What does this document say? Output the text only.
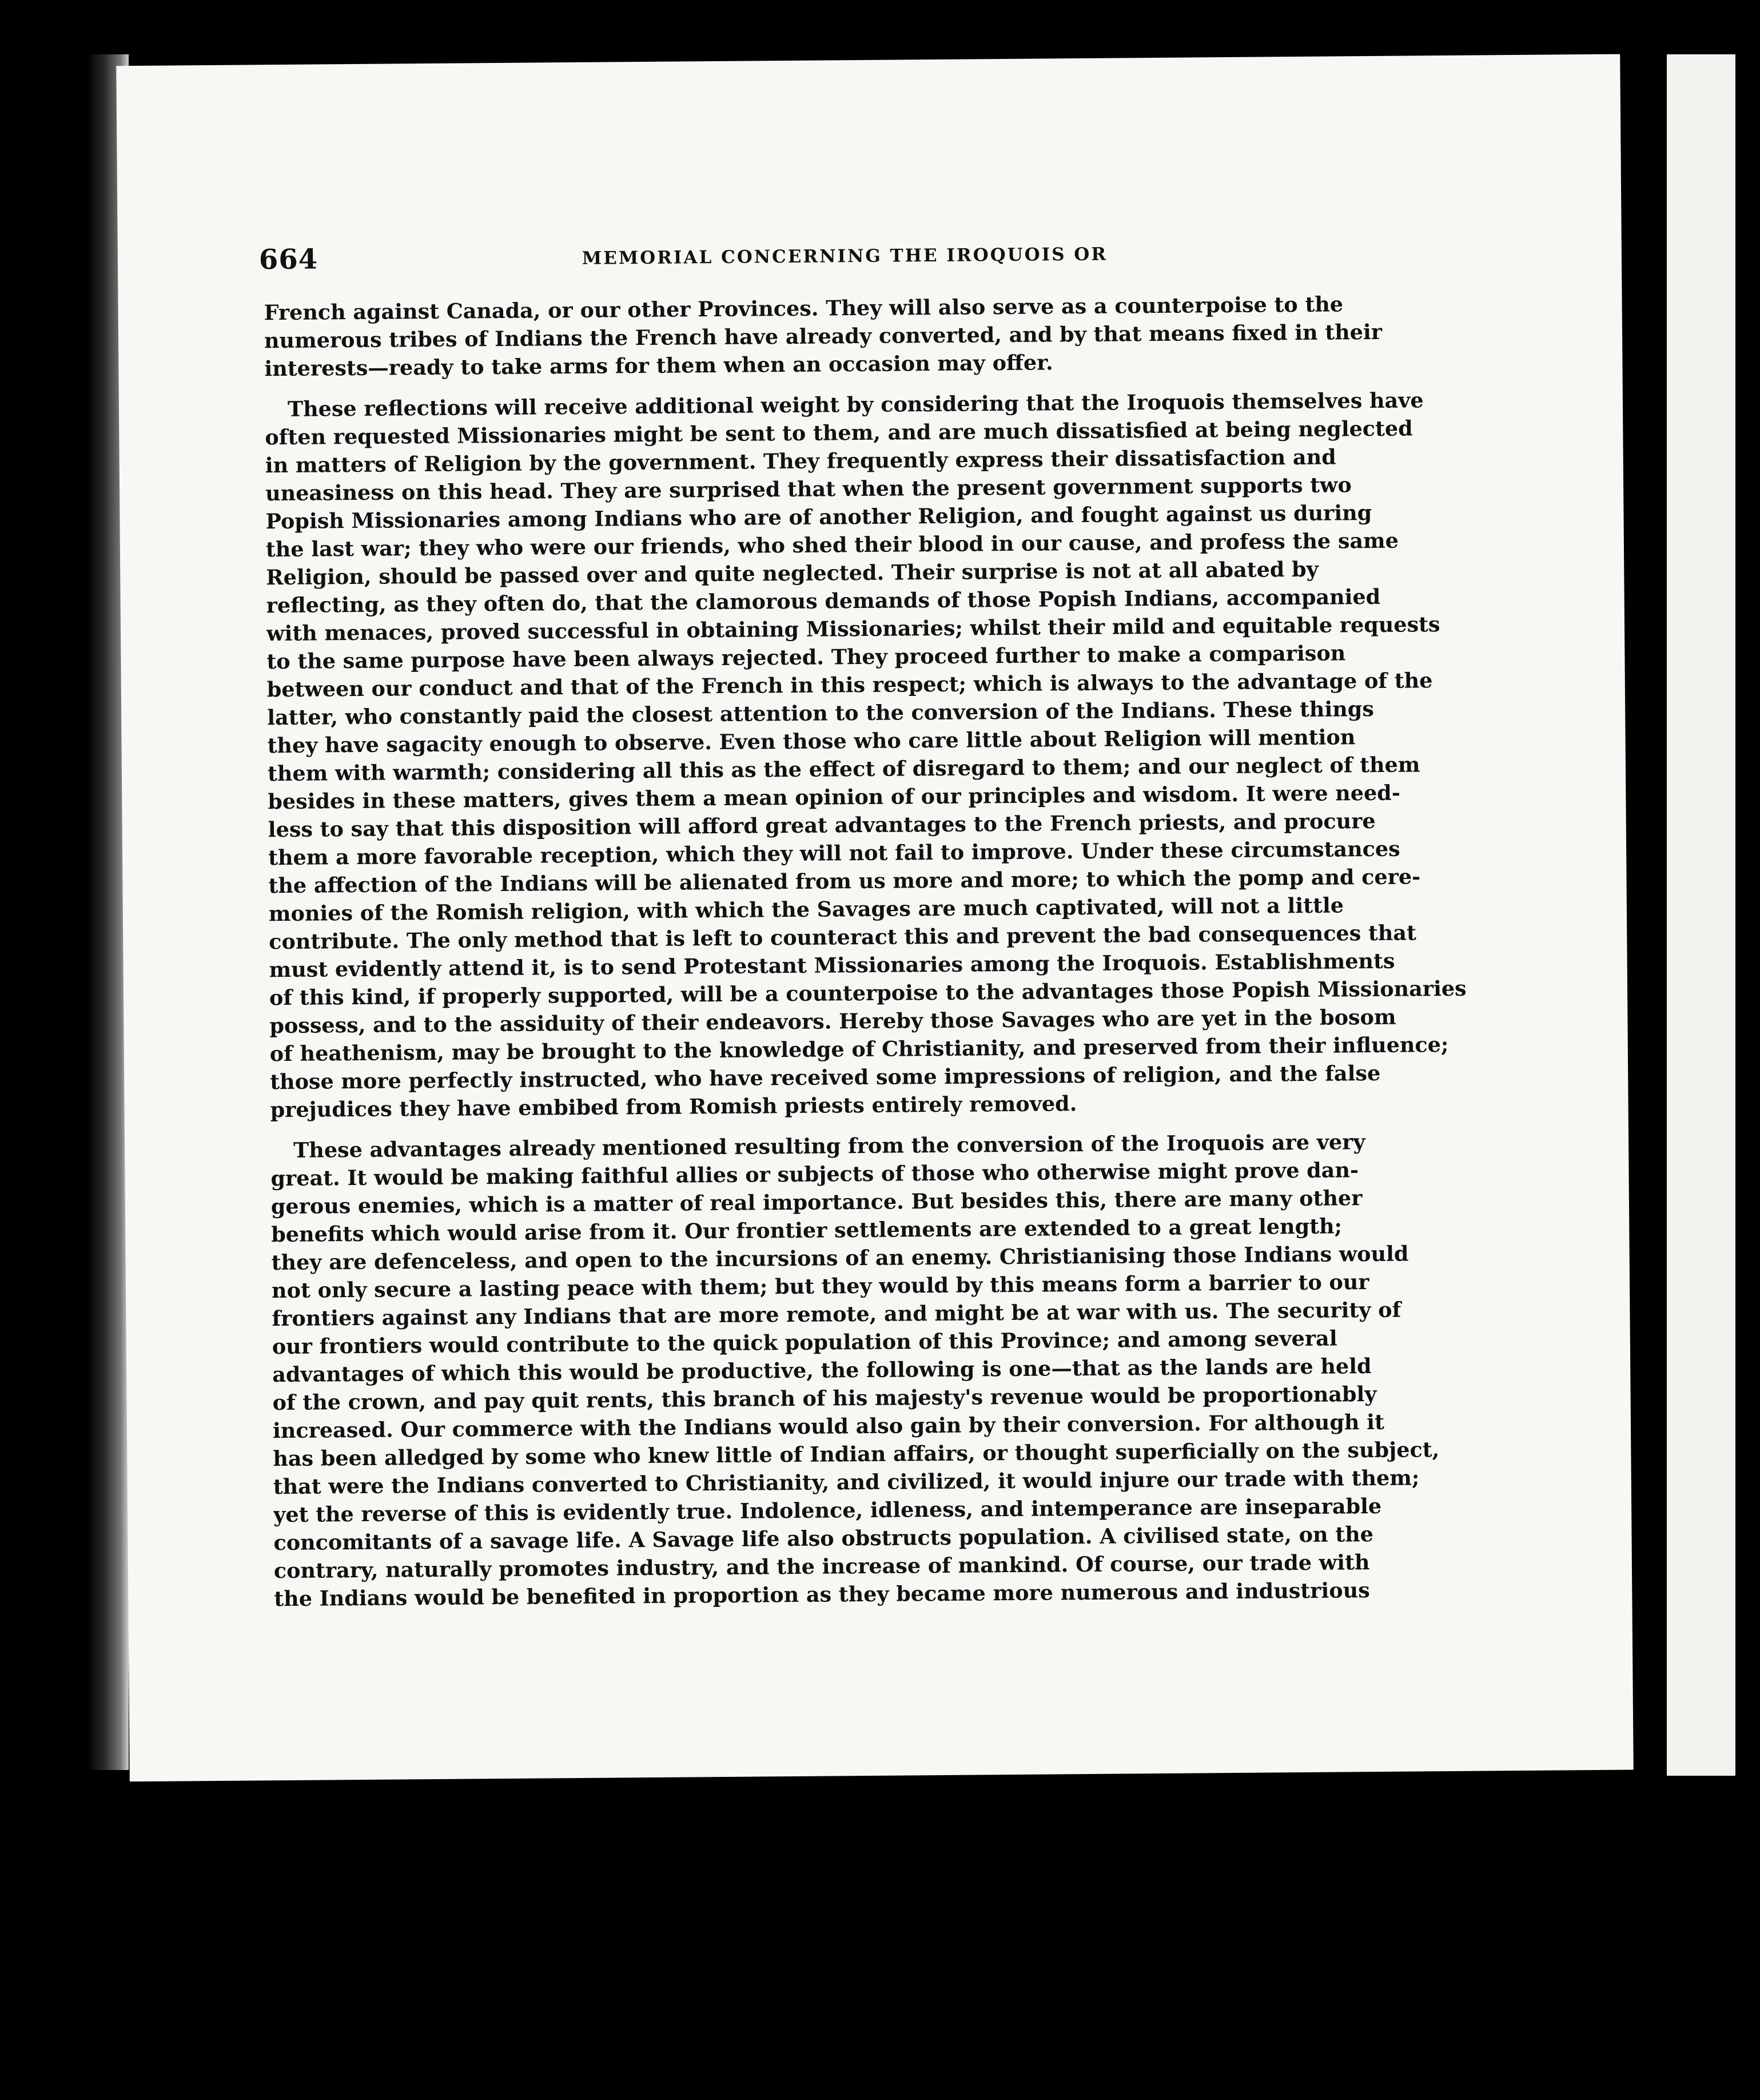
664	MEMORIAL CONCERNING THE IROQUOIS OR
French against Canada, or our other Provinces. They will also serve as a counterpoise to the
numerous tribes of Indians the French have already converted, and by that means fixed in their
interests—ready to take arms for them when an occasion may offer.
These reflections will receive additional weight by considering that the Iroquois themselves have
often requested Missionaries might be sent to them, and are much dissatisfied at being neglected
in matters of Religion by the government. They frequently express their dissatisfaction and
uneasiness on this head. They are surprised that when the present government supports two
Popish Missionaries among Indians who are of another Religion, and fought against us during
the last war; they who were our friends, who shed their blood in our cause, and profess the same
Religion, should be passed over and quite neglected. Their surprise is not at all abated by
reflecting, as they often do, that the clamorous demands of those Popish Indians, accompanied
with menaces, proved successful in obtaining Missionaries; whilst their mild and equitable requests
to the same purpose have been always rejected. They proceed further to make a comparison
between our conduct and that of the French in this respect; which is always to the advantage of the
latter, who constantly paid the closest attention to the conversion of the Indians. These things
they have sagacity enough to observe. Even those who care little about Religion will mention
them with warmth; considering all this as the effect of disregard to them; and our neglect of them
besides in these matters, gives them a mean opinion of our principles and wisdom. It were need-
less to say that this disposition will afford great advantages to the French priests, and procure
them a more favorable reception, which they will not fail to improve. Under these circumstances
the affection of the Indians will be alienated from us more and more; to which the pomp and cere-
monies of the Romish religion, with which the Savages are much captivated, will not a little
contribute. The only method that is left to counteract this and prevent the bad consequences that
must evidently attend it, is to send Protestant Missionaries among the Iroquois. Establishments
of this kind, if properly supported, will be a counterpoise to the advantages those Popish Missionaries
possess, and to the assiduity of their endeavors. Hereby those Savages who are yet in the bosom
of heathenism, may be brought to the knowledge of Christianity, and preserved from their influence;
those more perfectly instructed, who have received some impressions of religion, and the false
prejudices they have embibed from Romish priests entirely removed.
These advantages already mentioned resulting from the conversion of the Iroquois are very
great. It would be making faithful allies or subjects of those who otherwise might prove dan-
gerous enemies, which is a matter of real importance. But besides this, there are many other
benefits which would arise from it. Our frontier settlements are extended to a great length;
they are defenceless, and open to the incursions of an enemy. Christianising those Indians would
not only secure a lasting peace with them; but they would by this means form a barrier to our
frontiers against any Indians that are more remote, and might be at war with us. The security of
our frontiers would contribute to the quick population of this Province; and among several
advantages of which this would be productive, the following is one—that as the lands are held
of the crown, and pay quit rents, this branch of his majesty's revenue would be proportionably
increased. Our commerce with the Indians would also gain by their conversion. For although it
has been alledged by some who knew little of Indian affairs, or thought superficially on the subject,
that were the Indians converted to Christianity, and civilized, it would injure our trade with them;
yet the reverse of this is evidently true. Indolence, idleness, and intemperance are inseparable
concomitants of a savage life. A Savage life also obstructs population. A civilised state, on the
contrary, naturally promotes industry, and the increase of mankind. Of course, our trade with
the Indians would be benefited in proportion as they became more numerous and industrious
